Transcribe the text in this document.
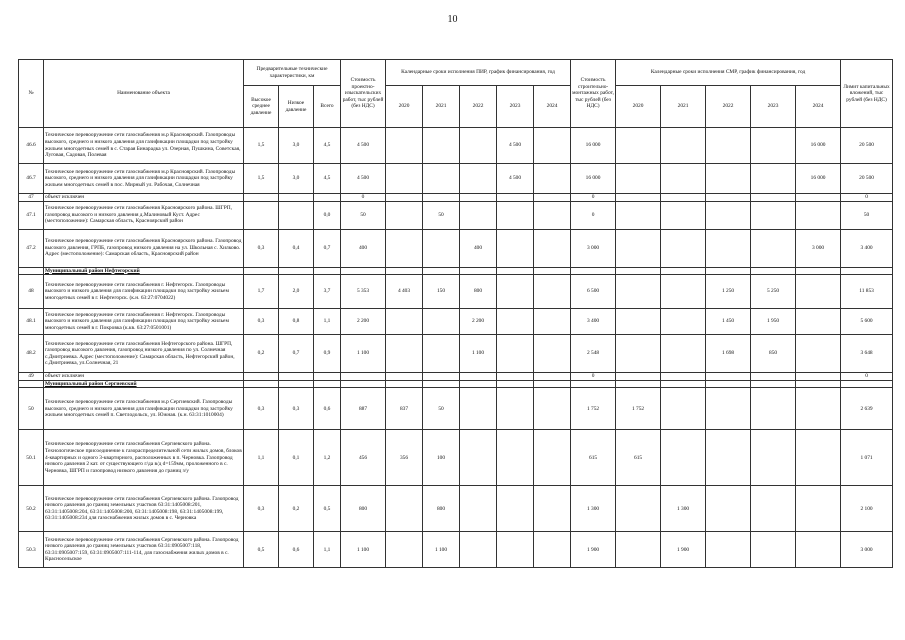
10
№	Наименование объекта	Предварительные технические характеристики, км			Стоимость проектно-изыскательских работ, тыс рублей (без НДС)	Календарные сроки исполнения ПИР, график финансирования, год					Стоимость строительно-монтажных работ, тыс рублей (без НДС)	Календарные сроки исполнения СМР, график финансирования, год					Лимит капитальных вложений, тыс рублей (без НДС)
		Высокое среднее давление	Низкое давление	Всего		2020	2021	2022	2023	2024		2020	2021	2022	2023	2024	
46.6	Техническое перевооружение сети газоснабжения м.р Красноярский. Газопроводы высокого, среднего и низкого давления для газификации площадки под застройку жильем многодетных семей в с. Старая Бинарадка ул. Озерная, Пушкина, Советская, Луговая, Садовая, Полевая	1,5	3,0	4,5	4 500				4 500		16 000					16 000	20 500
46.7	Техническое перевооружение сети газоснабжения м.р Красноярский. Газопроводы высокого, среднего и низкого давления для газификации площадки под застройку жильем многодетных семей в пос. Мирный ул. Рабочая, Солнечная	1,5	3,0	4,5	4 500				4 500		16 000					16 000	20 500
47	объект исключен				0						0						0
47.1	Техническое перевооружение сети газоснабжения Красноярского района. ШГРП, газопровод высокого и низкого давления д.Малиновый Куст. Адрес (местоположение): Самарская область, Красноярский район			0,0	50		50				0						50
47.2	Техническое перевооружение сети газоснабжения Красноярского района. Газопровод высокого давления, ГРПБ, газопровод низкого давления на ул. Школьная с. Хилково. Адрес (местоположение): Самарская область, Красноярский район	0,3	0,4	0,7	400			400			3 000					3 000	3 400
	Муниципальный район Нефтегорский																
48	Техническое перевооружение сети газоснабжения г. Нефтегорск. Газопроводы высокого и низкого давления для газификации площадки под застройку жильем многодетных семей в г. Нефтегорск. (к.н. 63:27:0704022)	1,7	2,0	3,7	5 353	4 403	150	800			6 500			1 250	5 250		11 853
48.1	Техническое перевооружение сети газоснабжения г. Нефтегорск. Газопроводы высокого и низкого давления для газификации площадки под застройку жильем многодетных семей в г. Покровка (к.кв. 63:27:0501001)	0,3	0,8	1,1	2 200			2 200			3 400			1 450	1 950		5 600
48.2	Техническое перевооружение сети газоснабжения Нефтегорского района. ШГРП, газопровод высокого давления, газопровод низкого давления по ул. Солнечная с.Дмитриевка. Адрес (местоположение): Самарская область, Нефтегорский район, с.Дмитриевка, ул.Солнечная, 21	0,2	0,7	0,9	1 100			1 100			2 548			1 698	850		3 648
49	объект исключен										0						0
	Муниципальный район Сергиевский																
50	Техническое перевооружение сети газоснабжения м.р Сергиевский. Газопроводы высокого, среднего и низкого давления для газификации площадки под застройку жильем многодетных семей п. Светлодольск, ул. Южная. (к.н. 63:31:1010004)	0,3	0,3	0,6	887	837	50				1 752	1 752					2 639
50.1	Техническое перевооружение сети газоснабжения Сергиевского района. Технологическое присоединение к газораспределительной сети жилых домов, блоков 4-квартирных и одного 3-квартирного, расположенных в п. Черновка. Газопровод низкого давления 2 кат. от существующего г/да в/д d=159мм, проложенного в с. Черновка, ШГРП и газопровод низкого давления до границ з/у	1,1	0,1	1,2	456	356	100				615	615					1 071
50.2	Техническое перевооружение сети газоснабжения Сергиевского района. Газопровод низкого давления до границ земельных участков 63:31:1405008:201, 63:31:1405008:204, 63:31:1405008:200, 63:31:1405008:198, 63:31:1405008:199, 63:31:1405008:234 для газоснабжения жилых домов в с. Черновка	0,3	0,2	0,5	800		800				1 300		1 300				2 100
50.3	Техническое перевооружение сети газоснабжения Сергиевского района. Газопровод низкого давления до границ земельных участков 63:31:0905007:118, 63:31:0905007:159, 63:31:0905007:111-114, для газоснабжения жилых домов в с. Красносельское	0,5	0,6	1,1	1 100		1 100				1 900		1 900				3 000
